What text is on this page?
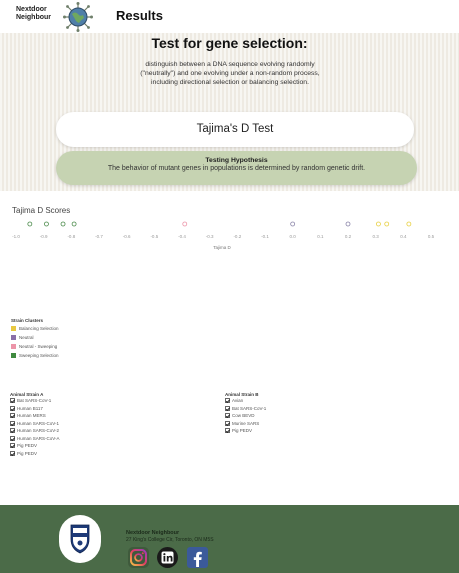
Nextdoor
Neighbour	Results
Test for gene selection:
distinguish between a DNA sequence evolving randomly ("neutrally") and one evolving under a non-random process, including directional selection or balancing selection.
Tajima's D Test
Testing Hypothesis
The behavior of mutant genes in populations is determined by random genetic drift.
Tajima D Scores
-1.0	-0.9	-0.8	-0.7	-0.6	-0.5	-0.4	-0.3	-0.2	-0.1	0.0	0.1	0.2	0.3	0.4	0.5
Tajima D
Strain Clusters
Balancing Selection
Neutral
Neutral - Sweeping
Sweeping Selection
Animal Strain A
Bat SARS-CoV-1
Human B117
Human MERS
Human SARS-CoV-1
Human SARS-CoV-2
Human SARS-CoV-A
Pig PEDV
Pig PEDV
Animal Strain B
Avian
Bat SARS-CoV-1
Cow BEVD
Murine SARS
Pig PEDV
Nextdoor Neighbour
27 King's College Cir, Toronto, ON M5S
